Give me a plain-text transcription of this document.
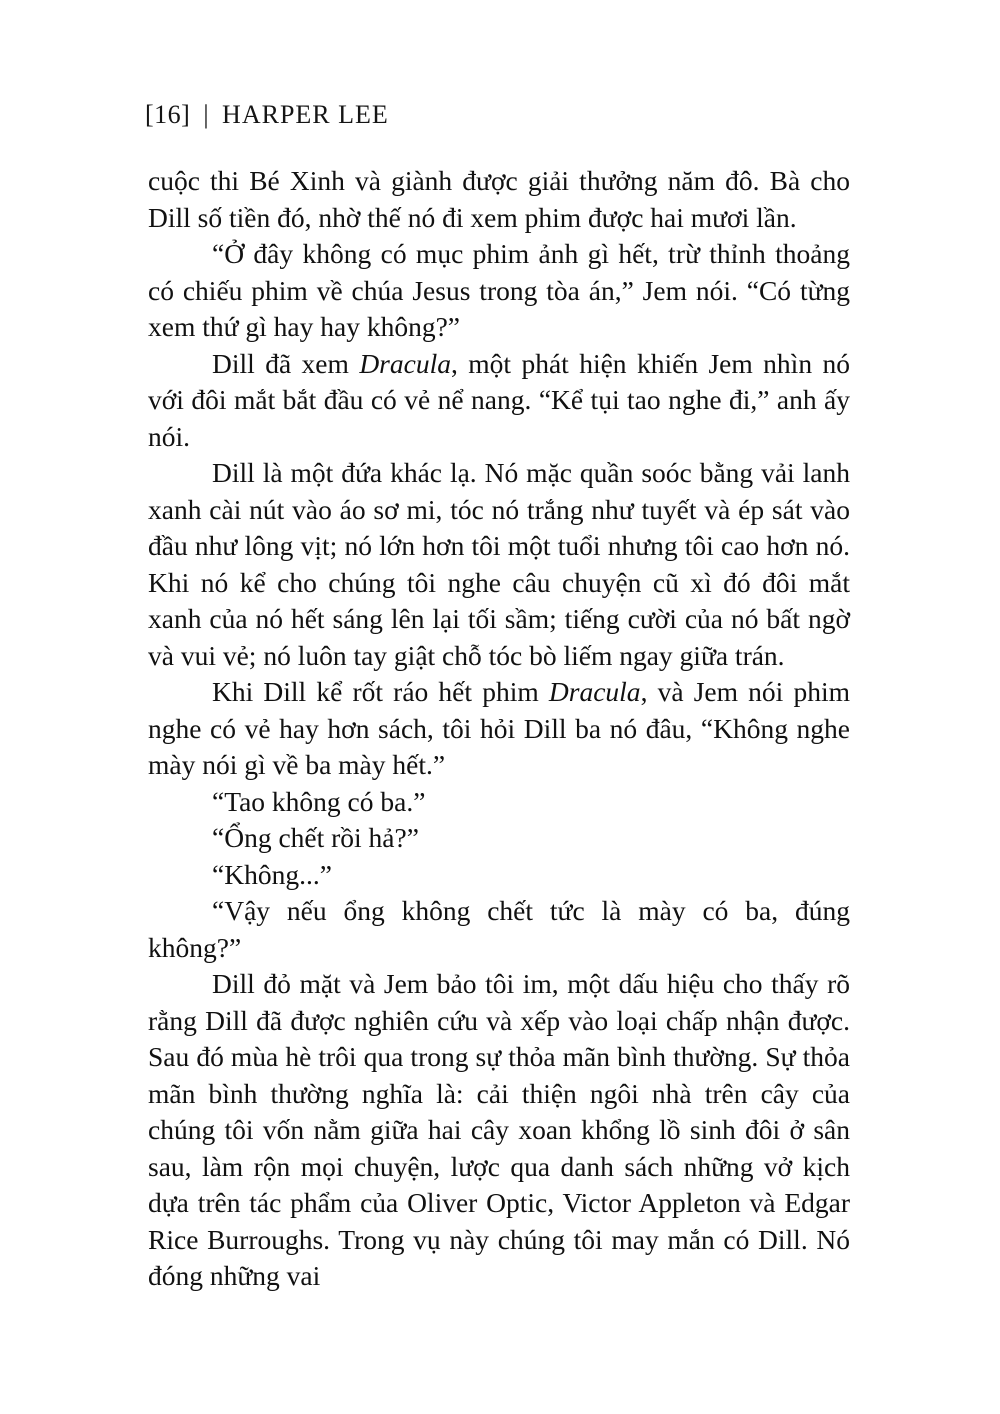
[16] | HARPER LEE

cuộc thi Bé Xinh và giành được giải thưởng năm đô. Bà cho Dill số tiền đó, nhờ thế nó đi xem phim được hai mươi lần.

“Ở đây không có mục phim ảnh gì hết, trừ thỉnh thoảng có chiếu phim về chúa Jesus trong tòa án,” Jem nói. “Có từng xem thứ gì hay hay không?”

Dill đã xem Dracula, một phát hiện khiến Jem nhìn nó với đôi mắt bắt đầu có vẻ nể nang. “Kể tụi tao nghe đi,” anh ấy nói.

Dill là một đứa khác lạ. Nó mặc quần soóc bằng vải lanh xanh cài nút vào áo sơ mi, tóc nó trắng như tuyết và ép sát vào đầu như lông vịt; nó lớn hơn tôi một tuổi nhưng tôi cao hơn nó. Khi nó kể cho chúng tôi nghe câu chuyện cũ xì đó đôi mắt xanh của nó hết sáng lên lại tối sầm; tiếng cười của nó bất ngờ và vui vẻ; nó luôn tay giật chỗ tóc bò liếm ngay giữa trán.

Khi Dill kể rốt ráo hết phim Dracula, và Jem nói phim nghe có vẻ hay hơn sách, tôi hỏi Dill ba nó đâu, “Không nghe mày nói gì về ba mày hết.”

“Tao không có ba.”

“Ổng chết rồi hả?”

“Không...”

“Vậy nếu ổng không chết tức là mày có ba, đúng không?”

Dill đỏ mặt và Jem bảo tôi im, một dấu hiệu cho thấy rõ rằng Dill đã được nghiên cứu và xếp vào loại chấp nhận được. Sau đó mùa hè trôi qua trong sự thỏa mãn bình thường. Sự thỏa mãn bình thường nghĩa là: cải thiện ngôi nhà trên cây của chúng tôi vốn nằm giữa hai cây xoan khổng lồ sinh đôi ở sân sau, làm rộn mọi chuyện, lược qua danh sách những vở kịch dựa trên tác phẩm của Oliver Optic, Victor Appleton và Edgar Rice Burroughs. Trong vụ này chúng tôi may mắn có Dill. Nó đóng những vai
